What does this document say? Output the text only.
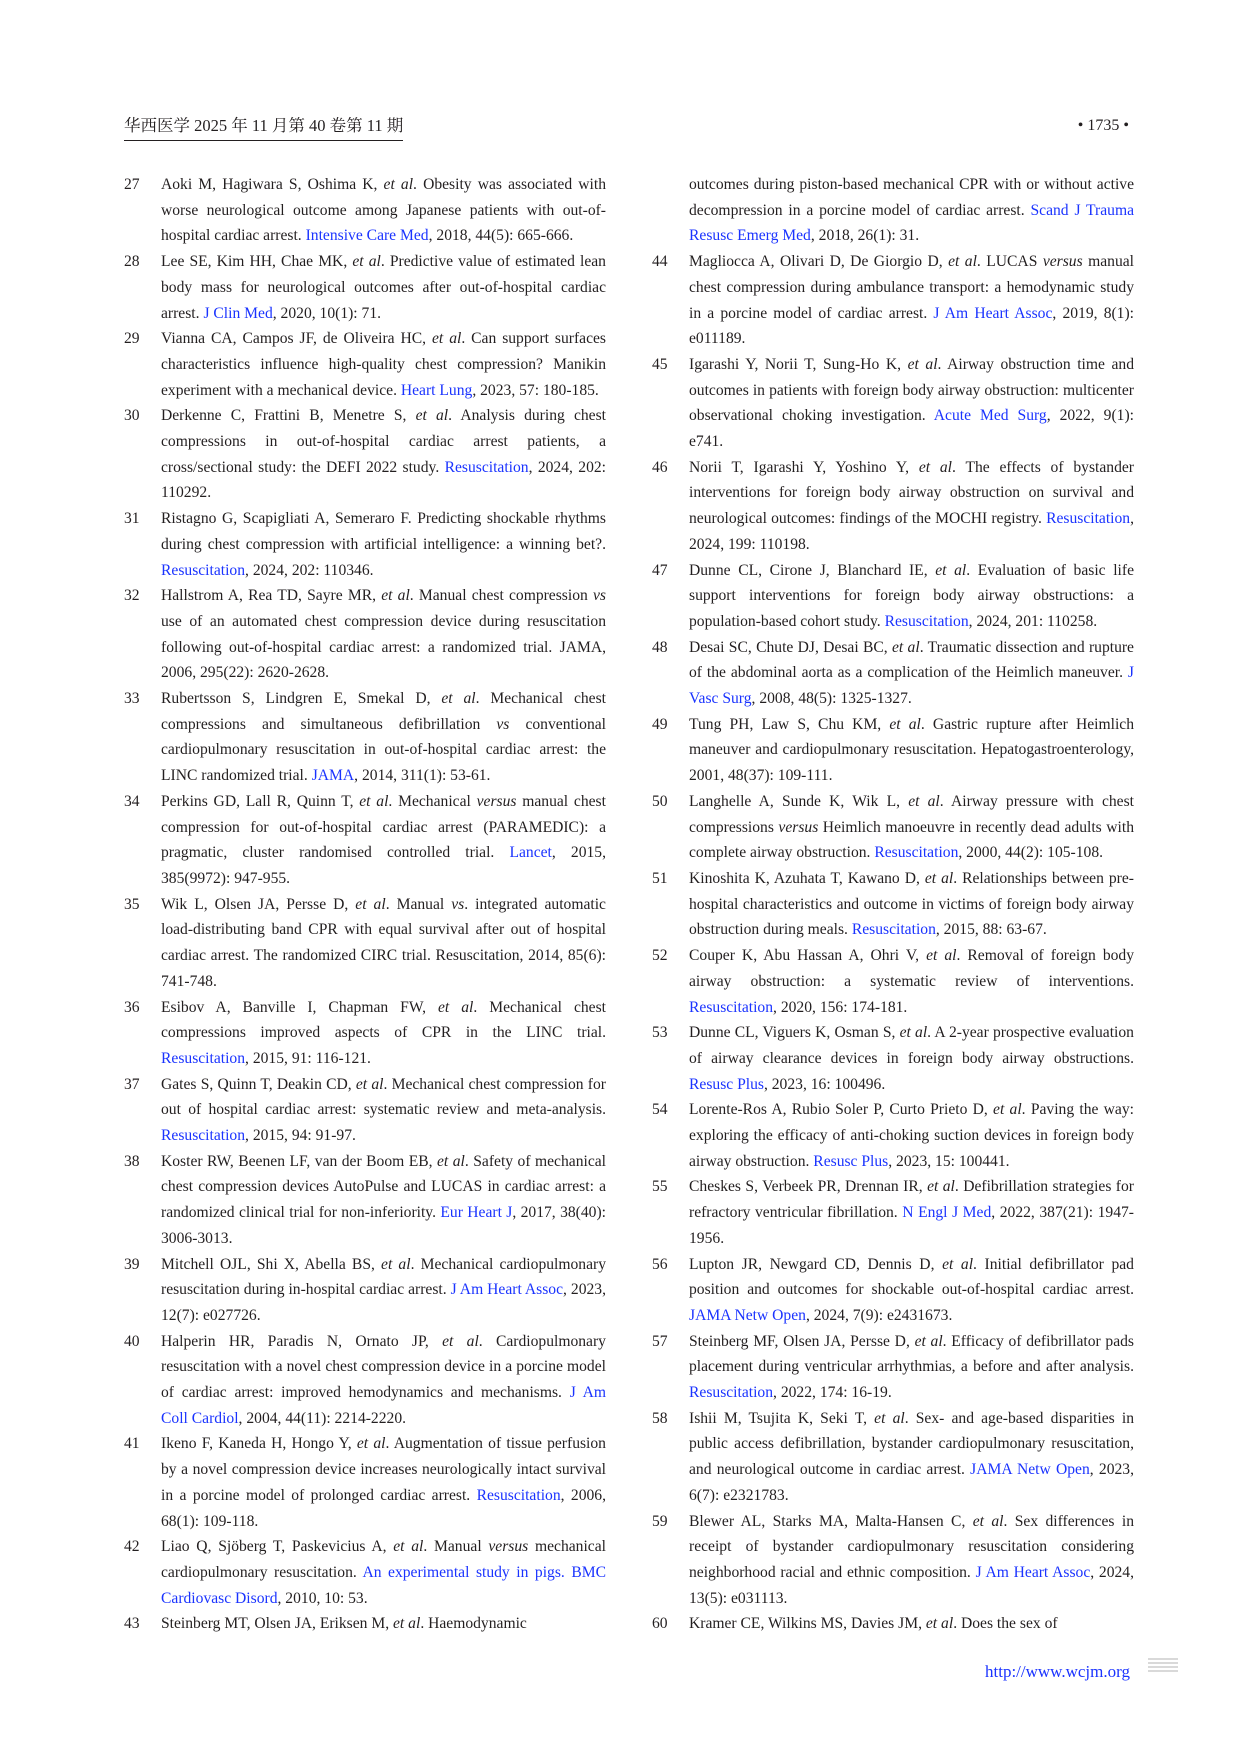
华西医学 2025 年 11 月第 40 卷第 11 期	• 1735 •
27	Aoki M, Hagiwara S, Oshima K, et al. Obesity was associated with worse neurological outcome among Japanese patients with out-of-hospital cardiac arrest. Intensive Care Med, 2018, 44(5): 665-666.
28	Lee SE, Kim HH, Chae MK, et al. Predictive value of estimated lean body mass for neurological outcomes after out-of-hospital cardiac arrest. J Clin Med, 2020, 10(1): 71.
29	Vianna CA, Campos JF, de Oliveira HC, et al. Can support surfaces characteristics influence high-quality chest compression? Manikin experiment with a mechanical device. Heart Lung, 2023, 57: 180-185.
30	Derkenne C, Frattini B, Menetre S, et al. Analysis during chest compressions in out-of-hospital cardiac arrest patients, a cross/sectional study: the DEFI 2022 study. Resuscitation, 2024, 202: 110292.
31	Ristagno G, Scapigliati A, Semeraro F. Predicting shockable rhythms during chest compression with artificial intelligence: a winning bet?. Resuscitation, 2024, 202: 110346.
32	Hallstrom A, Rea TD, Sayre MR, et al. Manual chest compression vs use of an automated chest compression device during resuscitation following out-of-hospital cardiac arrest: a randomized trial. JAMA, 2006, 295(22): 2620-2628.
33	Rubertsson S, Lindgren E, Smekal D, et al. Mechanical chest compressions and simultaneous defibrillation vs conventional cardiopulmonary resuscitation in out-of-hospital cardiac arrest: the LINC randomized trial. JAMA, 2014, 311(1): 53-61.
34	Perkins GD, Lall R, Quinn T, et al. Mechanical versus manual chest compression for out-of-hospital cardiac arrest (PARAMEDIC): a pragmatic, cluster randomised controlled trial. Lancet, 2015, 385(9972): 947-955.
35	Wik L, Olsen JA, Persse D, et al. Manual vs. integrated automatic load-distributing band CPR with equal survival after out of hospital cardiac arrest. The randomized CIRC trial. Resuscitation, 2014, 85(6): 741-748.
36	Esibov A, Banville I, Chapman FW, et al. Mechanical chest compressions improved aspects of CPR in the LINC trial. Resuscitation, 2015, 91: 116-121.
37	Gates S, Quinn T, Deakin CD, et al. Mechanical chest compression for out of hospital cardiac arrest: systematic review and meta-analysis. Resuscitation, 2015, 94: 91-97.
38	Koster RW, Beenen LF, van der Boom EB, et al. Safety of mechanical chest compression devices AutoPulse and LUCAS in cardiac arrest: a randomized clinical trial for non-inferiority. Eur Heart J, 2017, 38(40): 3006-3013.
39	Mitchell OJL, Shi X, Abella BS, et al. Mechanical cardiopulmonary resuscitation during in-hospital cardiac arrest. J Am Heart Assoc, 2023, 12(7): e027726.
40	Halperin HR, Paradis N, Ornato JP, et al. Cardiopulmonary resuscitation with a novel chest compression device in a porcine model of cardiac arrest: improved hemodynamics and mechanisms. J Am Coll Cardiol, 2004, 44(11): 2214-2220.
41	Ikeno F, Kaneda H, Hongo Y, et al. Augmentation of tissue perfusion by a novel compression device increases neurologically intact survival in a porcine model of prolonged cardiac arrest. Resuscitation, 2006, 68(1): 109-118.
42	Liao Q, Sjöberg T, Paskevicius A, et al. Manual versus mechanical cardiopulmonary resuscitation. An experimental study in pigs. BMC Cardiovasc Disord, 2010, 10: 53.
43	Steinberg MT, Olsen JA, Eriksen M, et al. Haemodynamic
outcomes during piston-based mechanical CPR with or without active decompression in a porcine model of cardiac arrest. Scand J Trauma Resusc Emerg Med, 2018, 26(1): 31.
44	Magliocca A, Olivari D, De Giorgio D, et al. LUCAS versus manual chest compression during ambulance transport: a hemodynamic study in a porcine model of cardiac arrest. J Am Heart Assoc, 2019, 8(1): e011189.
45	Igarashi Y, Norii T, Sung-Ho K, et al. Airway obstruction time and outcomes in patients with foreign body airway obstruction: multicenter observational choking investigation. Acute Med Surg, 2022, 9(1): e741.
46	Norii T, Igarashi Y, Yoshino Y, et al. The effects of bystander interventions for foreign body airway obstruction on survival and neurological outcomes: findings of the MOCHI registry. Resuscitation, 2024, 199: 110198.
47	Dunne CL, Cirone J, Blanchard IE, et al. Evaluation of basic life support interventions for foreign body airway obstructions: a population-based cohort study. Resuscitation, 2024, 201: 110258.
48	Desai SC, Chute DJ, Desai BC, et al. Traumatic dissection and rupture of the abdominal aorta as a complication of the Heimlich maneuver. J Vasc Surg, 2008, 48(5): 1325-1327.
49	Tung PH, Law S, Chu KM, et al. Gastric rupture after Heimlich maneuver and cardiopulmonary resuscitation. Hepatogastroenterology, 2001, 48(37): 109-111.
50	Langhelle A, Sunde K, Wik L, et al. Airway pressure with chest compressions versus Heimlich manoeuvre in recently dead adults with complete airway obstruction. Resuscitation, 2000, 44(2): 105-108.
51	Kinoshita K, Azuhata T, Kawano D, et al. Relationships between pre-hospital characteristics and outcome in victims of foreign body airway obstruction during meals. Resuscitation, 2015, 88: 63-67.
52	Couper K, Abu Hassan A, Ohri V, et al. Removal of foreign body airway obstruction: a systematic review of interventions. Resuscitation, 2020, 156: 174-181.
53	Dunne CL, Viguers K, Osman S, et al. A 2-year prospective evaluation of airway clearance devices in foreign body airway obstructions. Resusc Plus, 2023, 16: 100496.
54	Lorente-Ros A, Rubio Soler P, Curto Prieto D, et al. Paving the way: exploring the efficacy of anti-choking suction devices in foreign body airway obstruction. Resusc Plus, 2023, 15: 100441.
55	Cheskes S, Verbeek PR, Drennan IR, et al. Defibrillation strategies for refractory ventricular fibrillation. N Engl J Med, 2022, 387(21): 1947-1956.
56	Lupton JR, Newgard CD, Dennis D, et al. Initial defibrillator pad position and outcomes for shockable out-of-hospital cardiac arrest. JAMA Netw Open, 2024, 7(9): e2431673.
57	Steinberg MF, Olsen JA, Persse D, et al. Efficacy of defibrillator pads placement during ventricular arrhythmias, a before and after analysis. Resuscitation, 2022, 174: 16-19.
58	Ishii M, Tsujita K, Seki T, et al. Sex- and age-based disparities in public access defibrillation, bystander cardiopulmonary resuscitation, and neurological outcome in cardiac arrest. JAMA Netw Open, 2023, 6(7): e2321783.
59	Blewer AL, Starks MA, Malta-Hansen C, et al. Sex differences in receipt of bystander cardiopulmonary resuscitation considering neighborhood racial and ethnic composition. J Am Heart Assoc, 2024, 13(5): e031113.
60	Kramer CE, Wilkins MS, Davies JM, et al. Does the sex of
http://www.wcjm.org
